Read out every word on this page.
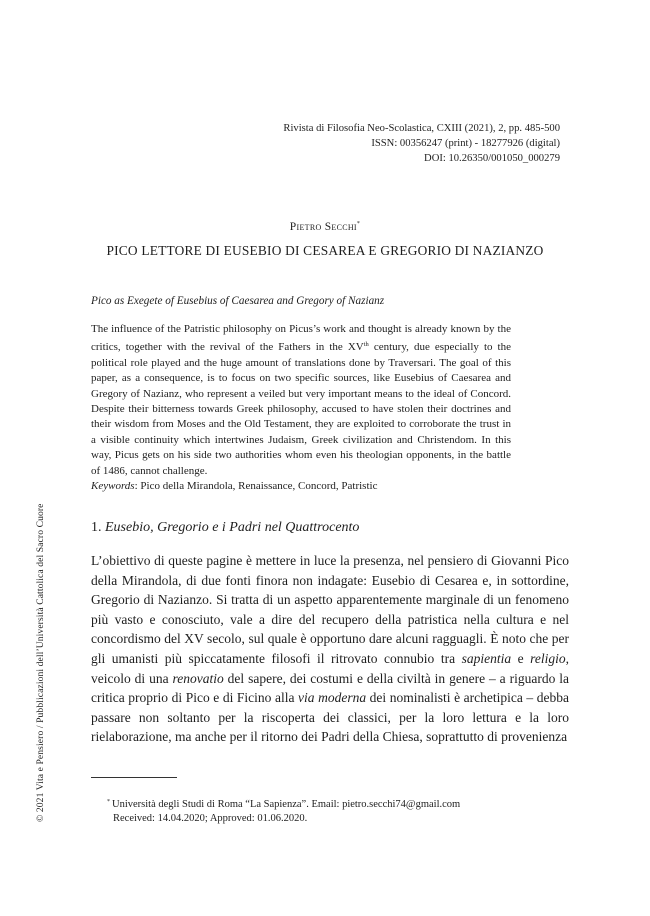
Rivista di Filosofia Neo-Scolastica, CXIII (2021), 2, pp. 485-500
ISSN: 00356247 (print) - 18277926 (digital)
DOI: 10.26350/001050_000279
Pietro Secchi*
PICO LETTORE DI EUSEBIO DI CESAREA E GREGORIO DI NAZIANZO
Pico as Exegete of Eusebius of Caesarea and Gregory of Nazianz
The influence of the Patristic philosophy on Picus’s work and thought is already known by the critics, together with the revival of the Fathers in the XVth century, due especially to the political role played and the huge amount of translations done by Traversari. The goal of this paper, as a consequence, is to focus on two specific sources, like Eusebius of Caesarea and Gregory of Nazianz, who represent a veiled but very important means to the ideal of Concord. Despite their bitterness towards Greek philosophy, accused to have stolen their doctrines and their wisdom from Moses and the Old Testament, they are exploited to corroborate the trust in a visible continuity which intertwines Judaism, Greek civilization and Christendom. In this way, Picus gets on his side two authorities whom even his theologian opponents, in the battle of 1486, cannot challenge.
Keywords: Pico della Mirandola, Renaissance, Concord, Patristic
1. Eusebio, Gregorio e i Padri nel Quattrocento
L’obiettivo di queste pagine è mettere in luce la presenza, nel pensiero di Giovanni Pico della Mirandola, di due fonti finora non indagate: Eusebio di Cesarea e, in sottordine, Gregorio di Nazianzo. Si tratta di un aspetto apparentemente marginale di un fenomeno più vasto e conosciuto, vale a dire del recupero della patristica nella cultura e nel concordismo del XV secolo, sul quale è opportuno dare alcuni ragguagli. È noto che per gli umanisti più spiccatamente filosofi il ritrovato connubio tra sapientia e religio, veicolo di una renovatio del sapere, dei costumi e della civiltà in genere – a riguardo la critica proprio di Pico e di Ficino alla via moderna dei nominalisti è archetipica – debba passare non soltanto per la riscoperta dei classici, per la loro lettura e la loro rielaborazione, ma anche per il ritorno dei Padri della Chiesa, soprattutto di provenienza
* Università degli Studi di Roma “La Sapienza”. Email: pietro.secchi74@gmail.com
Received: 14.04.2020; Approved: 01.06.2020.
© 2021 Vita e Pensiero / Pubblicazioni dell’Università Cattolica del Sacro Cuore
